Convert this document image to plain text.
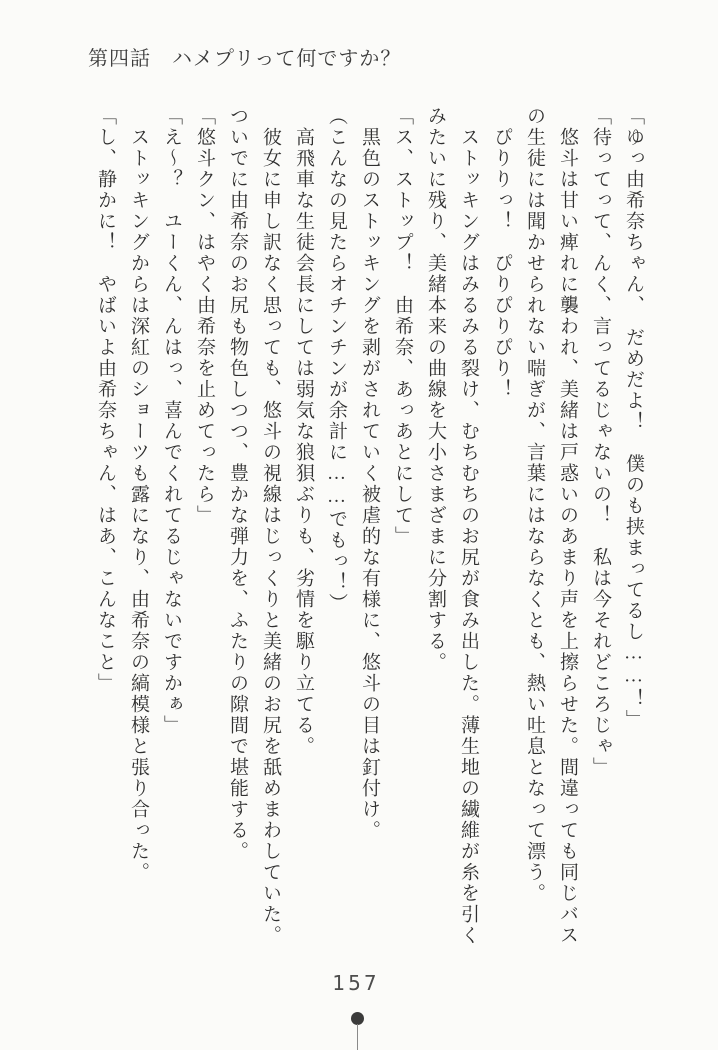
第四話　ハメプリって何ですか？

「ゆっ由希奈ちゃん、　だめだよ！　僕のも挟まってるし……！」

「待ってって、んく、言ってるじゃないの！　私は今それどころじゃ」

　悠斗は甘い痺れに襲われ、美緒は戸惑いのあまり声を上擦らせた。間違っても同じバスの生徒には聞かせられない喘ぎが、言葉にはならなくとも、熱い吐息となって漂う。

　ぴりりっ！　ぴりぴりぴり！

　ストッキングはみるみる裂け、むちむちのお尻が食み出した。薄生地の繊維が糸を引くみたいに残り、美緒本来の曲線を大小さまざまに分割する。

「ス、ストップ！　由希奈、あっあとにして」

　黒色のストッキングを剥がされていく被虐的な有様に、悠斗の目は釘付け。

（こんなの見たらオチンチンが余計に……でもっ！）

　高飛車な生徒会長にしては弱気な狼狽ぶりも、劣情を駆り立てる。

　彼女に申し訳なく思っても、悠斗の視線はじっくりと美緒のお尻を舐めまわしていた。ついでに由希奈のお尻も物色しつつ、豊かな弾力を、ふたりの隙間で堪能する。

「悠斗クン、はやく由希奈を止めてったら」

「え〜？　ユーくん、んはっ、喜んでくれてるじゃないですかぁ」

　ストッキングからは深紅のショーツも露になり、由希奈の縞模様と張り合った。

「し、静かに！　やばいよ由希奈ちゃん、はあ、こんなこと」

157
